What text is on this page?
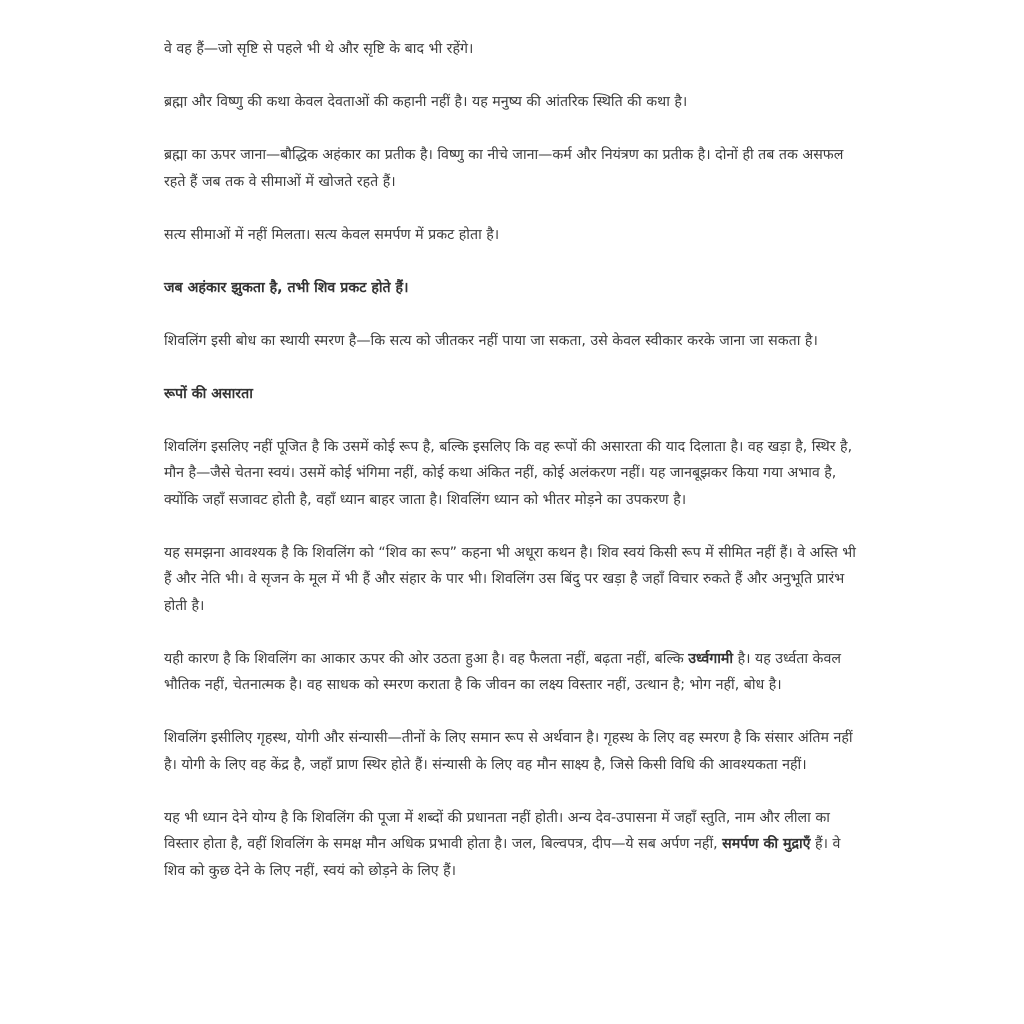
वे वह हैं—जो सृष्टि से पहले भी थे और सृष्टि के बाद भी रहेंगे।

ब्रह्मा और विष्णु की कथा केवल देवताओं की कहानी नहीं है। यह मनुष्य की आंतरिक स्थिति की कथा है।

ब्रह्मा का ऊपर जाना—बौद्धिक अहंकार का प्रतीक है। विष्णु का नीचे जाना—कर्म और नियंत्रण का प्रतीक है। दोनों ही तब तक असफल रहते हैं जब तक वे सीमाओं में खोजते रहते हैं।

सत्य सीमाओं में नहीं मिलता। सत्य केवल समर्पण में प्रकट होता है।

जब अहंकार झुकता है, तभी शिव प्रकट होते हैं।

शिवलिंग इसी बोध का स्थायी स्मरण है—कि सत्य को जीतकर नहीं पाया जा सकता, उसे केवल स्वीकार करके जाना जा सकता है।

रूपों की असारता

शिवलिंग इसलिए नहीं पूजित है कि उसमें कोई रूप है, बल्कि इसलिए कि वह रूपों की असारता की याद दिलाता है। वह खड़ा है, स्थिर है, मौन है—जैसे चेतना स्वयं। उसमें कोई भंगिमा नहीं, कोई कथा अंकित नहीं, कोई अलंकरण नहीं। यह जानबूझकर किया गया अभाव है, क्योंकि जहाँ सजावट होती है, वहाँ ध्यान बाहर जाता है। शिवलिंग ध्यान को भीतर मोड़ने का उपकरण है।

यह समझना आवश्यक है कि शिवलिंग को “शिव का रूप” कहना भी अधूरा कथन है। शिव स्वयं किसी रूप में सीमित नहीं हैं। वे अस्ति भी हैं और नेति भी। वे सृजन के मूल में भी हैं और संहार के पार भी। शिवलिंग उस बिंदु पर खड़ा है जहाँ विचार रुकते हैं और अनुभूति प्रारंभ होती है।

यही कारण है कि शिवलिंग का आकार ऊपर की ओर उठता हुआ है। वह फैलता नहीं, बढ़ता नहीं, बल्कि उर्ध्वगामी है। यह उर्ध्वता केवल भौतिक नहीं, चेतनात्मक है। वह साधक को स्मरण कराता है कि जीवन का लक्ष्य विस्तार नहीं, उत्थान है; भोग नहीं, बोध है।

शिवलिंग इसीलिए गृहस्थ, योगी और संन्यासी—तीनों के लिए समान रूप से अर्थवान है। गृहस्थ के लिए वह स्मरण है कि संसार अंतिम नहीं है। योगी के लिए वह केंद्र है, जहाँ प्राण स्थिर होते हैं। संन्यासी के लिए वह मौन साक्ष्य है, जिसे किसी विधि की आवश्यकता नहीं।

यह भी ध्यान देने योग्य है कि शिवलिंग की पूजा में शब्दों की प्रधानता नहीं होती। अन्य देव-उपासना में जहाँ स्तुति, नाम और लीला का विस्तार होता है, वहीं शिवलिंग के समक्ष मौन अधिक प्रभावी होता है। जल, बिल्वपत्र, दीप—ये सब अर्पण नहीं, समर्पण की मुद्राएँ हैं। वे शिव को कुछ देने के लिए नहीं, स्वयं को छोड़ने के लिए हैं।
